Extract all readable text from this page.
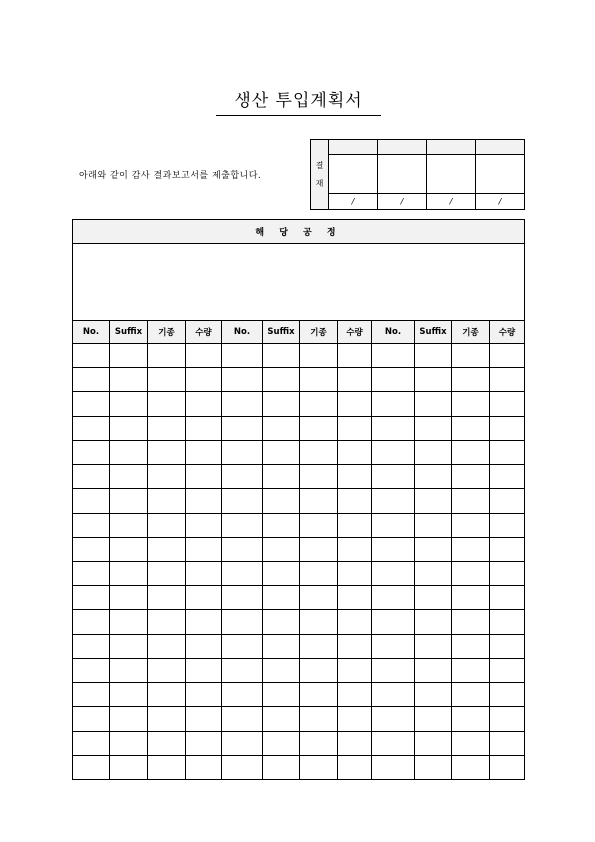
생산 투입계획서
아래와 같이 감사 결과보고서를 제출합니다.
결
재				

	/	/	/	/
해 당 공 정											

No.	Suffix	기종	수량	No.	Suffix	기종	수량	No.	Suffix	기종	수량
